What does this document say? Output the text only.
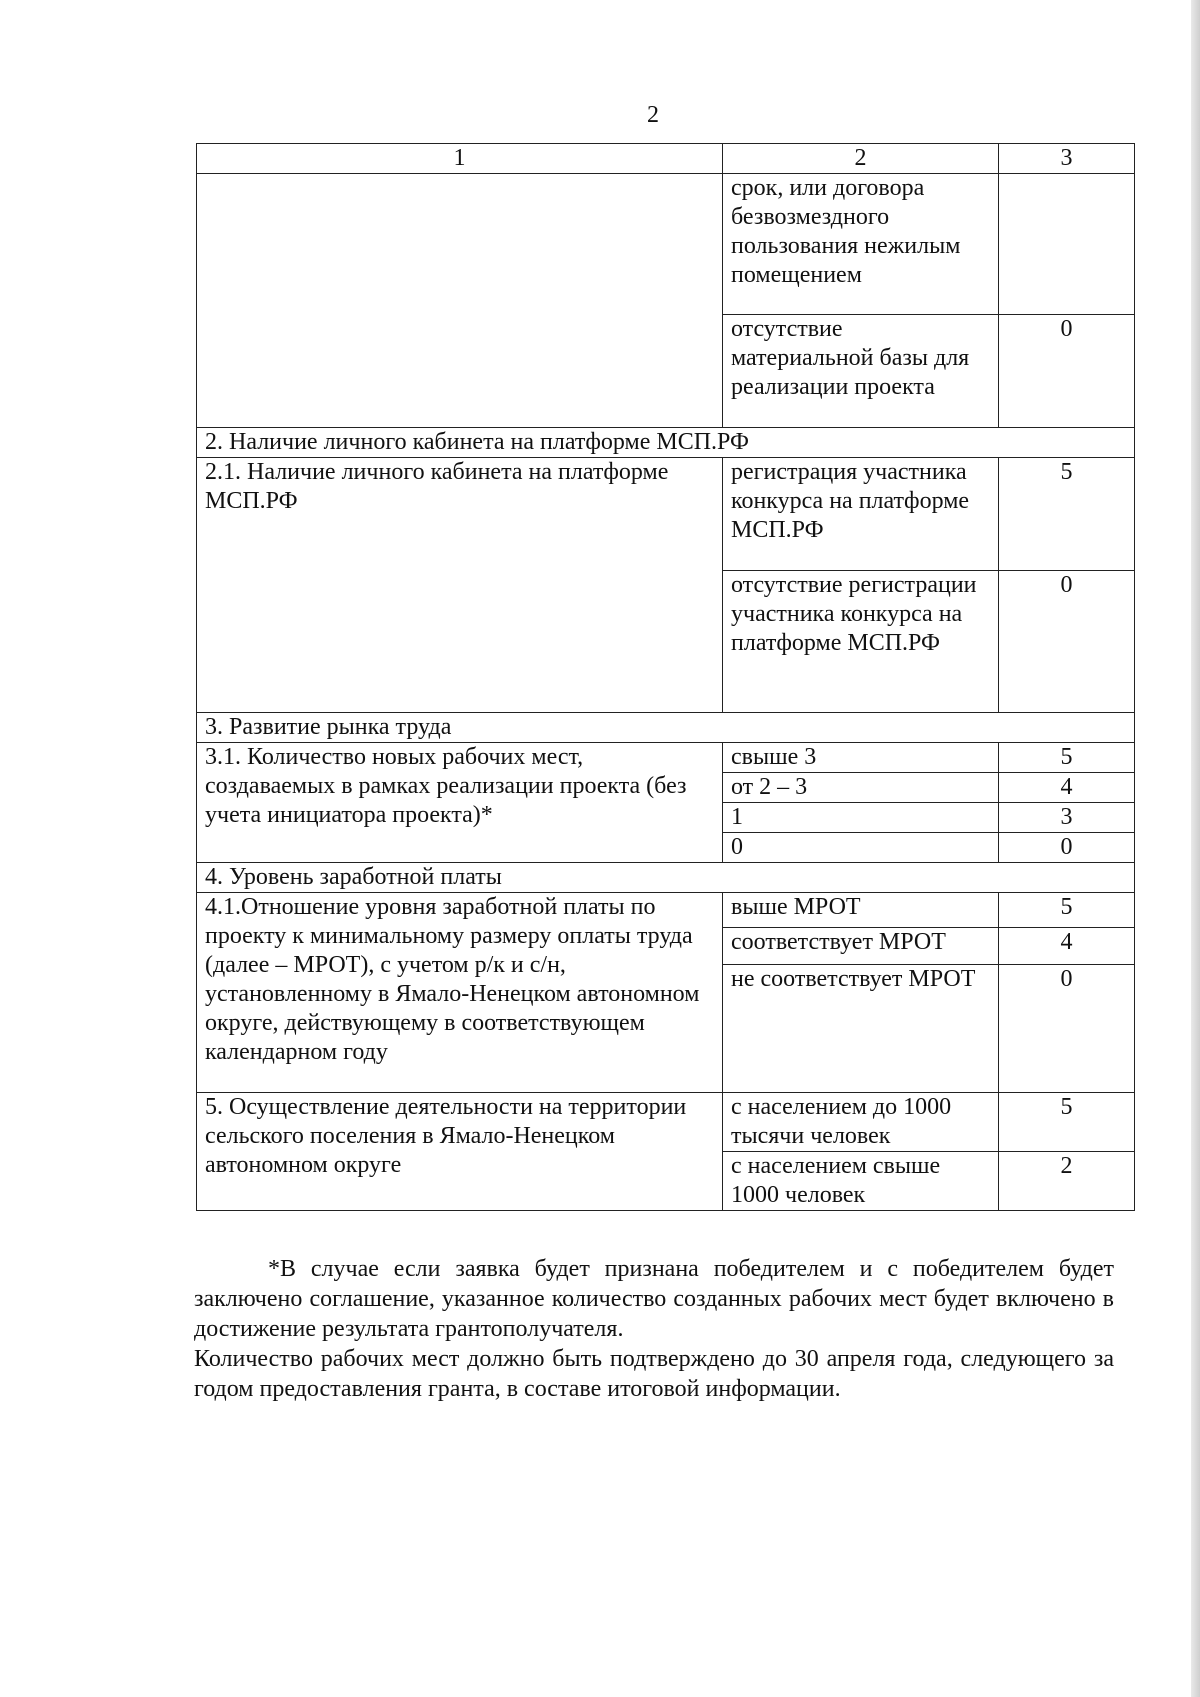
2
1	2	3
	срок, или договора безвозмездного пользования нежилым помещением	
	отсутствие материальной базы для реализации проекта	0
2. Наличие личного кабинета на платформе МСП.РФ		
2.1. Наличие личного кабинета на платформе МСП.РФ	регистрация участника конкурса на платформе МСП.РФ	5
	отсутствие регистрации участника конкурса на платформе МСП.РФ	0
3. Развитие рынка труда		
3.1. Количество новых рабочих мест, создаваемых в рамках реализации проекта (без учета инициатора проекта)*	свыше 3	5
	от 2 – 3	4
	1	3
	0	0
4. Уровень заработной платы		
4.1.Отношение уровня заработной платы по проекту к минимальному размеру оплаты труда (далее – МРОТ), с учетом р/к и с/н, установленному в Ямало-Ненецком автономном округе, действующему в соответствующем календарном году	выше МРОТ	5
	соответствует МРОТ	4
	не соответствует МРОТ	0
5. Осуществление деятельности на территории сельского поселения в Ямало-Ненецком автономном округе	с населением до 1000 тысячи человек	5
	с населением свыше 1000 человек	2

*В случае если заявка будет признана победителем и с победителем будет заключено соглашение, указанное количество созданных рабочих мест будет включено в достижение результата грантополучателя.

Количество рабочих мест должно быть подтверждено до 30 апреля года, следующего за годом предоставления гранта, в составе итоговой информации.
